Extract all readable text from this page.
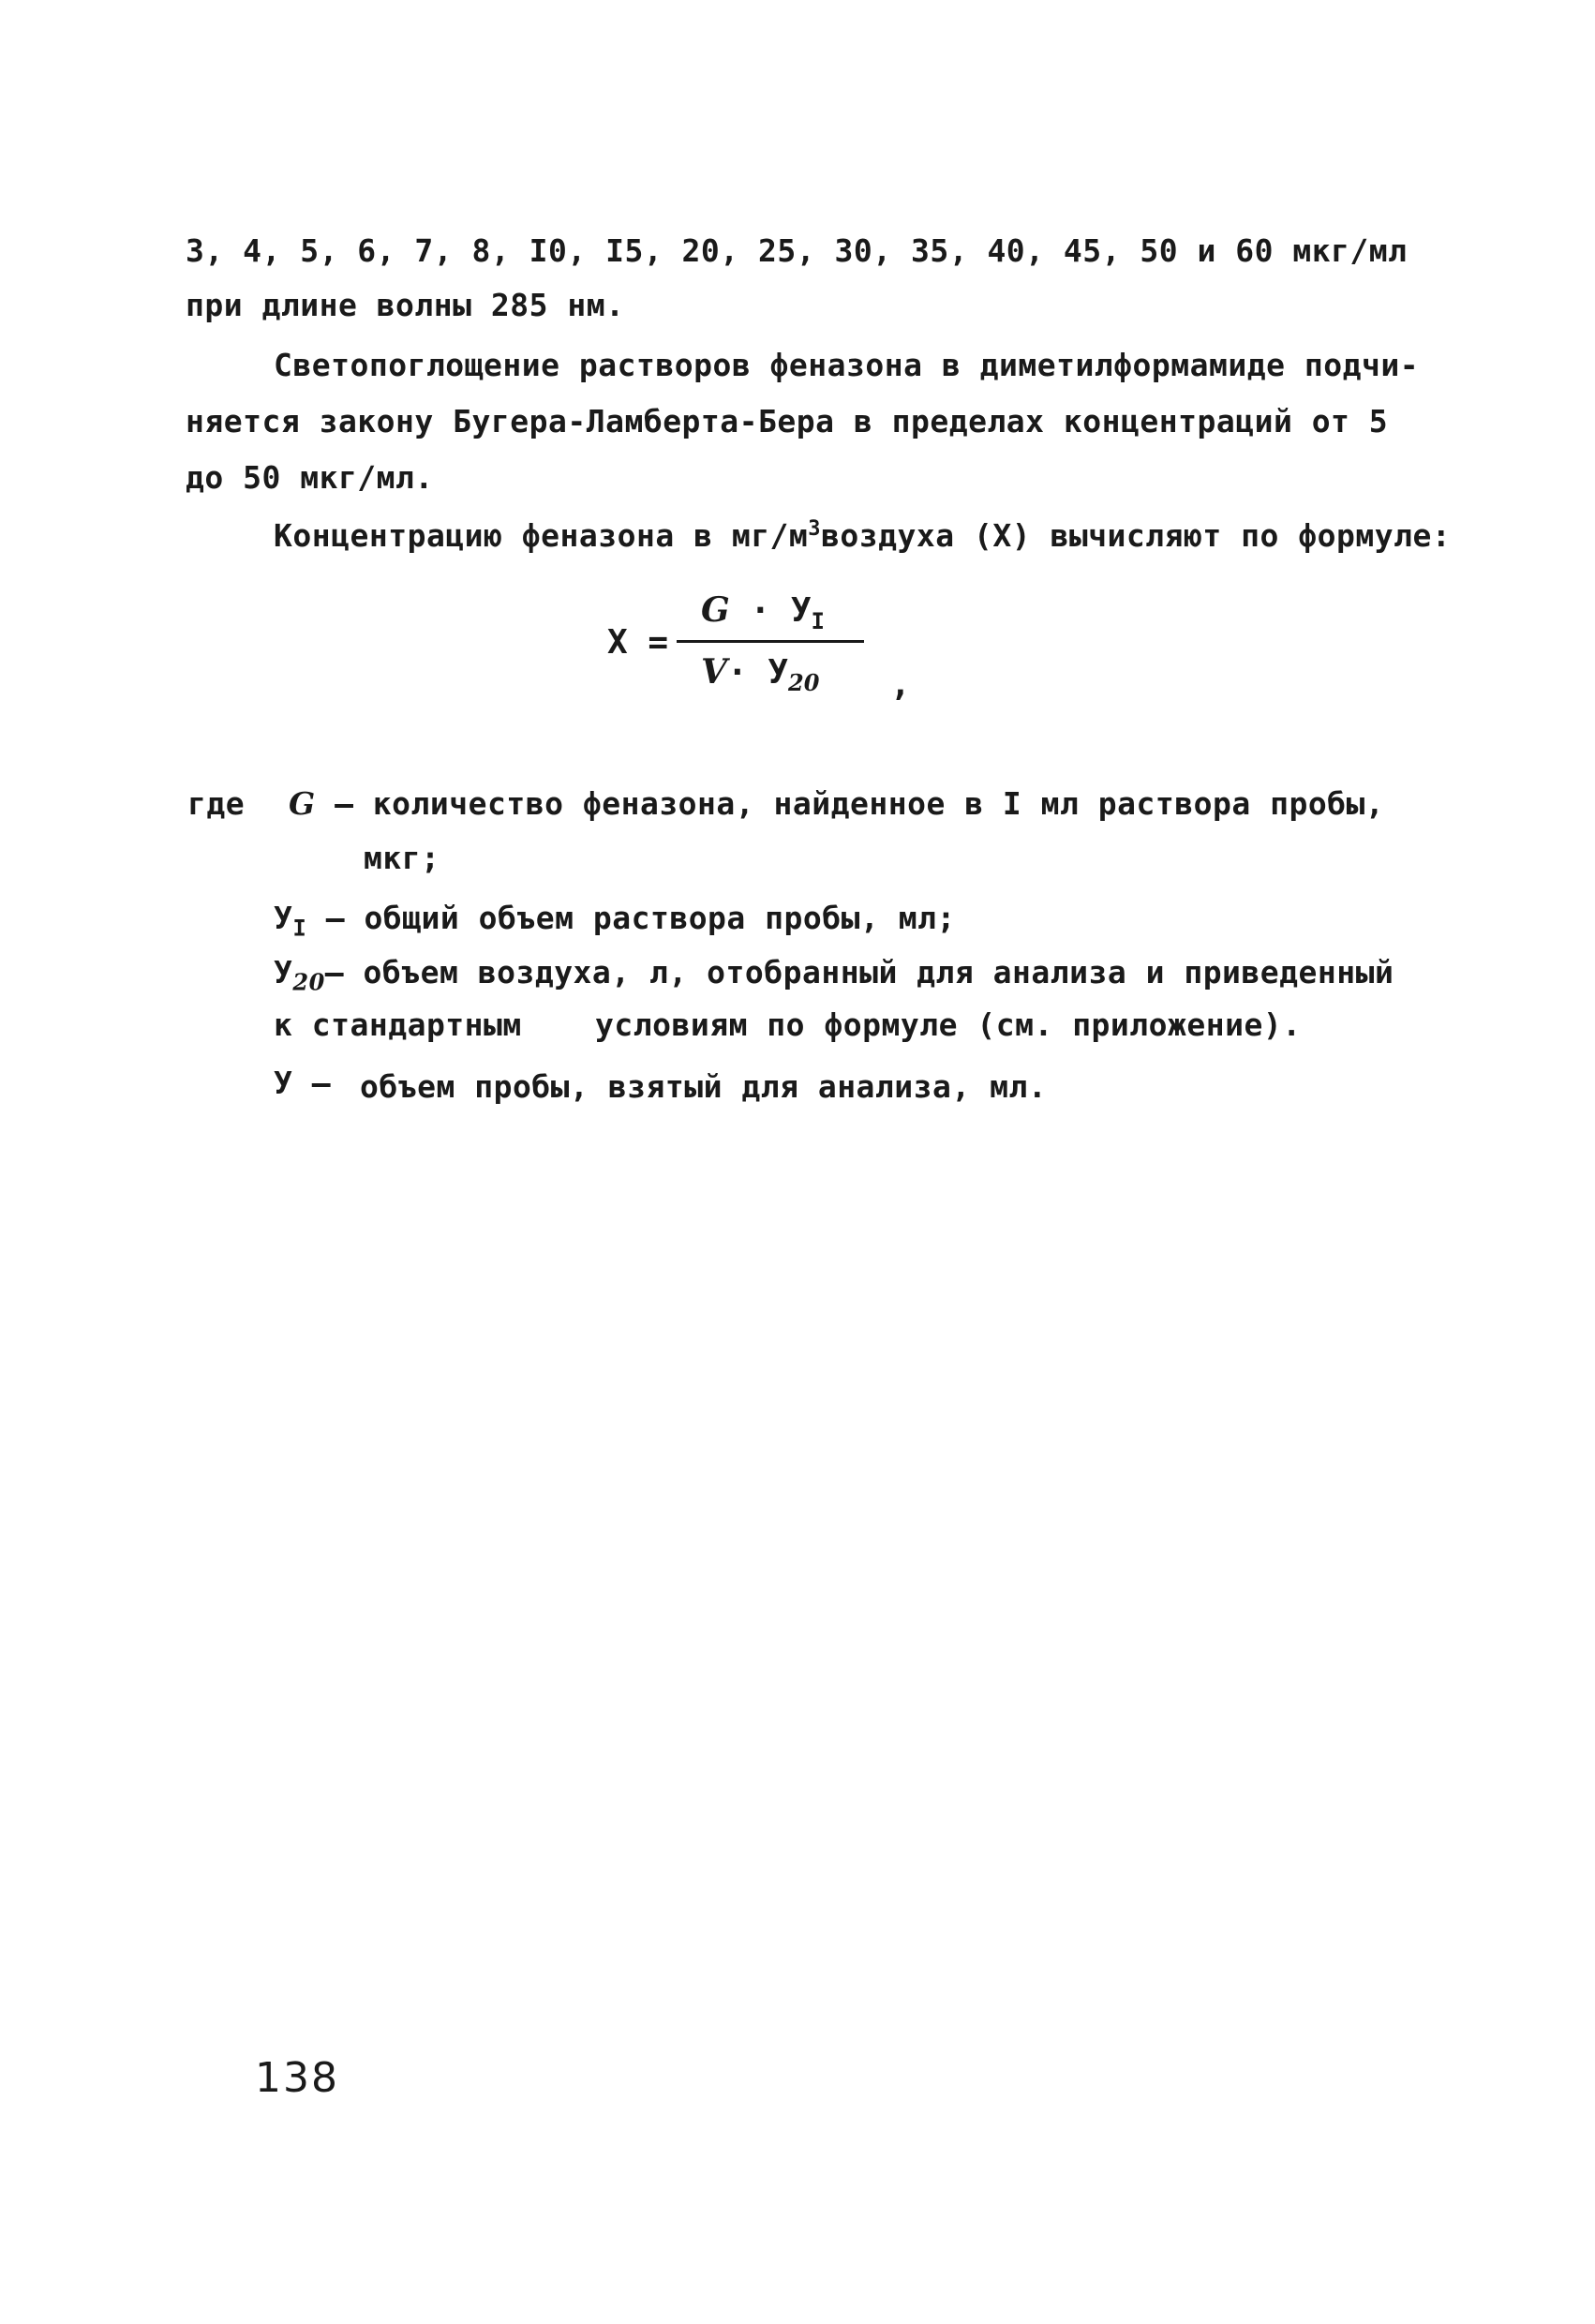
3, 4, 5, 6, 7, 8, I0, I5, 20, 25, 30, 35, 40, 45, 50 и 60 мкг/мл
при длине волны 285 нм.
Светопоглощение растворов феназона в диметилформамиде подчи-
няется закону Бугера-Ламберта-Бера в пределах концентраций от 5
до 50 мкг/мл.
Концентрацию феназона в $мг/м^3воздуха$ (X) вычисляют по формуле:
X =
$G \cdot У_I$
$V\cdot У_{20}$ ,
где G – количество феназона, найденное в I мл раствора пробы,
мкг;
$У_I$ – общий объем раствора пробы, мл;
$У_{20}-$ объем воздуха, л, отобранный для анализа и приведенный
к стандартным условиям по формуле (см. приложение).
У – объем пробы, взятый для анализа, мл.
138
